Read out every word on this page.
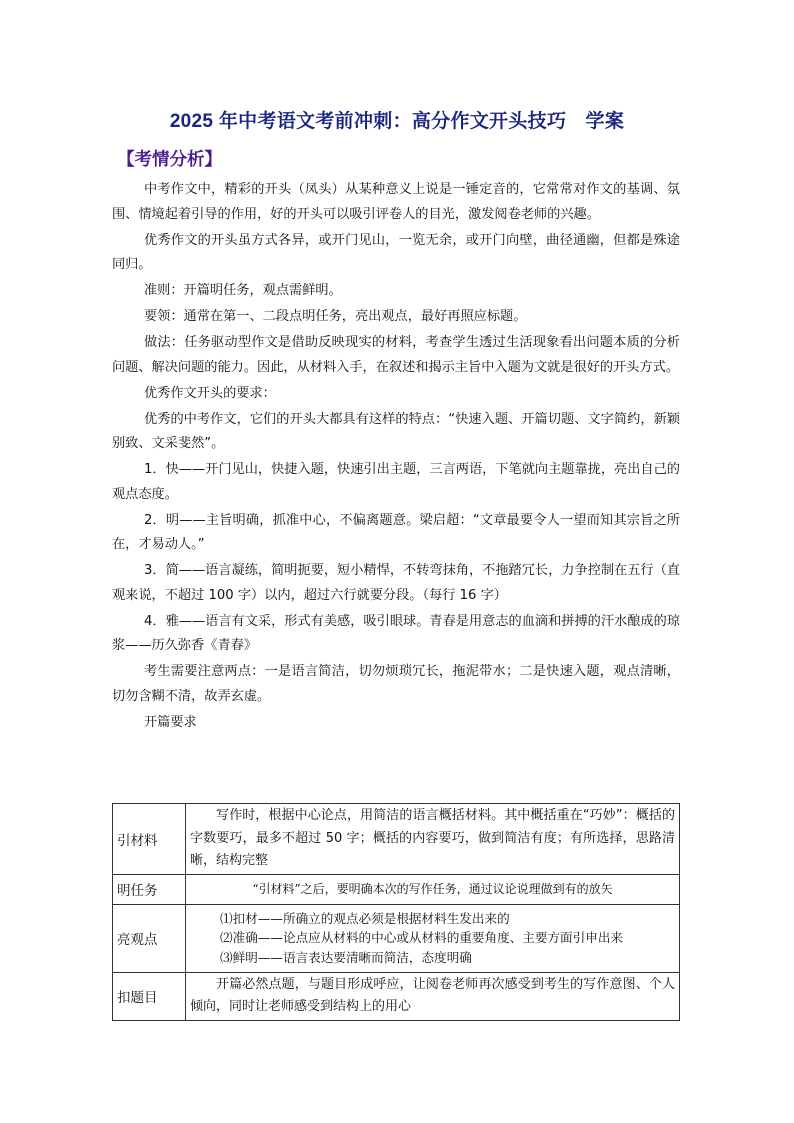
2025 年中考语文考前冲刺：高分作文开头技巧　学案
【考情分析】

中考作文中，精彩的开头（凤头）从某种意义上说是一锤定音的，它常常对作文的基调、氛围、情境起着引导的作用，好的开头可以吸引评卷人的目光，激发阅卷老师的兴趣。

优秀作文的开头虽方式各异，或开门见山，一览无余，或开门向壁，曲径通幽，但都是殊途同归。

准则：开篇明任务，观点需鲜明。

要领：通常在第一、二段点明任务，亮出观点，最好再照应标题。

做法：任务驱动型作文是借助反映现实的材料，考查学生透过生活现象看出问题本质的分析问题、解决问题的能力。因此，从材料入手，在叙述和揭示主旨中入题为文就是很好的开头方式。

优秀作文开头的要求：

优秀的中考作文，它们的开头大都具有这样的特点：“快速入题、开篇切题、文字简约，新颖别致、文采斐然”。

1．快——开门见山，快捷入题，快速引出主题，三言两语，下笔就向主题靠拢，亮出自己的观点态度。

2．明——主旨明确，抓准中心，不偏离题意。梁启超：“文章最要令人一望而知其宗旨之所在，才易动人。”

3．简——语言凝练，简明扼要，短小精悍，不转弯抹角，不拖踏冗长，力争控制在五行（直观来说，不超过 100 字）以内，超过六行就要分段。（每行 16 字）

4．雅——语言有文采，形式有美感，吸引眼球。青春是用意志的血滴和拼搏的汗水酿成的琼浆——历久弥香《青春》

考生需要注意两点：一是语言简洁，切勿烦琐冗长，拖泥带水；二是快速入题，观点清晰，切勿含糊不清，故弄玄虚。

开篇要求

引材料	写作时，根据中心论点，用简洁的语言概括材料。其中概括重在“巧妙”：概括的字数要巧，最多不超过 50 字；概括的内容要巧，做到简洁有度；有所选择，思路清晰，结构完整

明任务	“引材料”之后，要明确本次的写作任务，通过议论说理做到有的放矢

亮观点	⑴扣材——所确立的观点必须是根据材料生发出来的
⑵准确——论点应从材料的中心或从材料的重要角度、主要方面引申出来
⑶鲜明——语言表达要清晰而简洁，态度明确

扣题目	开篇必然点题，与题目形成呼应，让阅卷老师再次感受到考生的写作意图、个人倾向，同时让老师感受到结构上的用心
